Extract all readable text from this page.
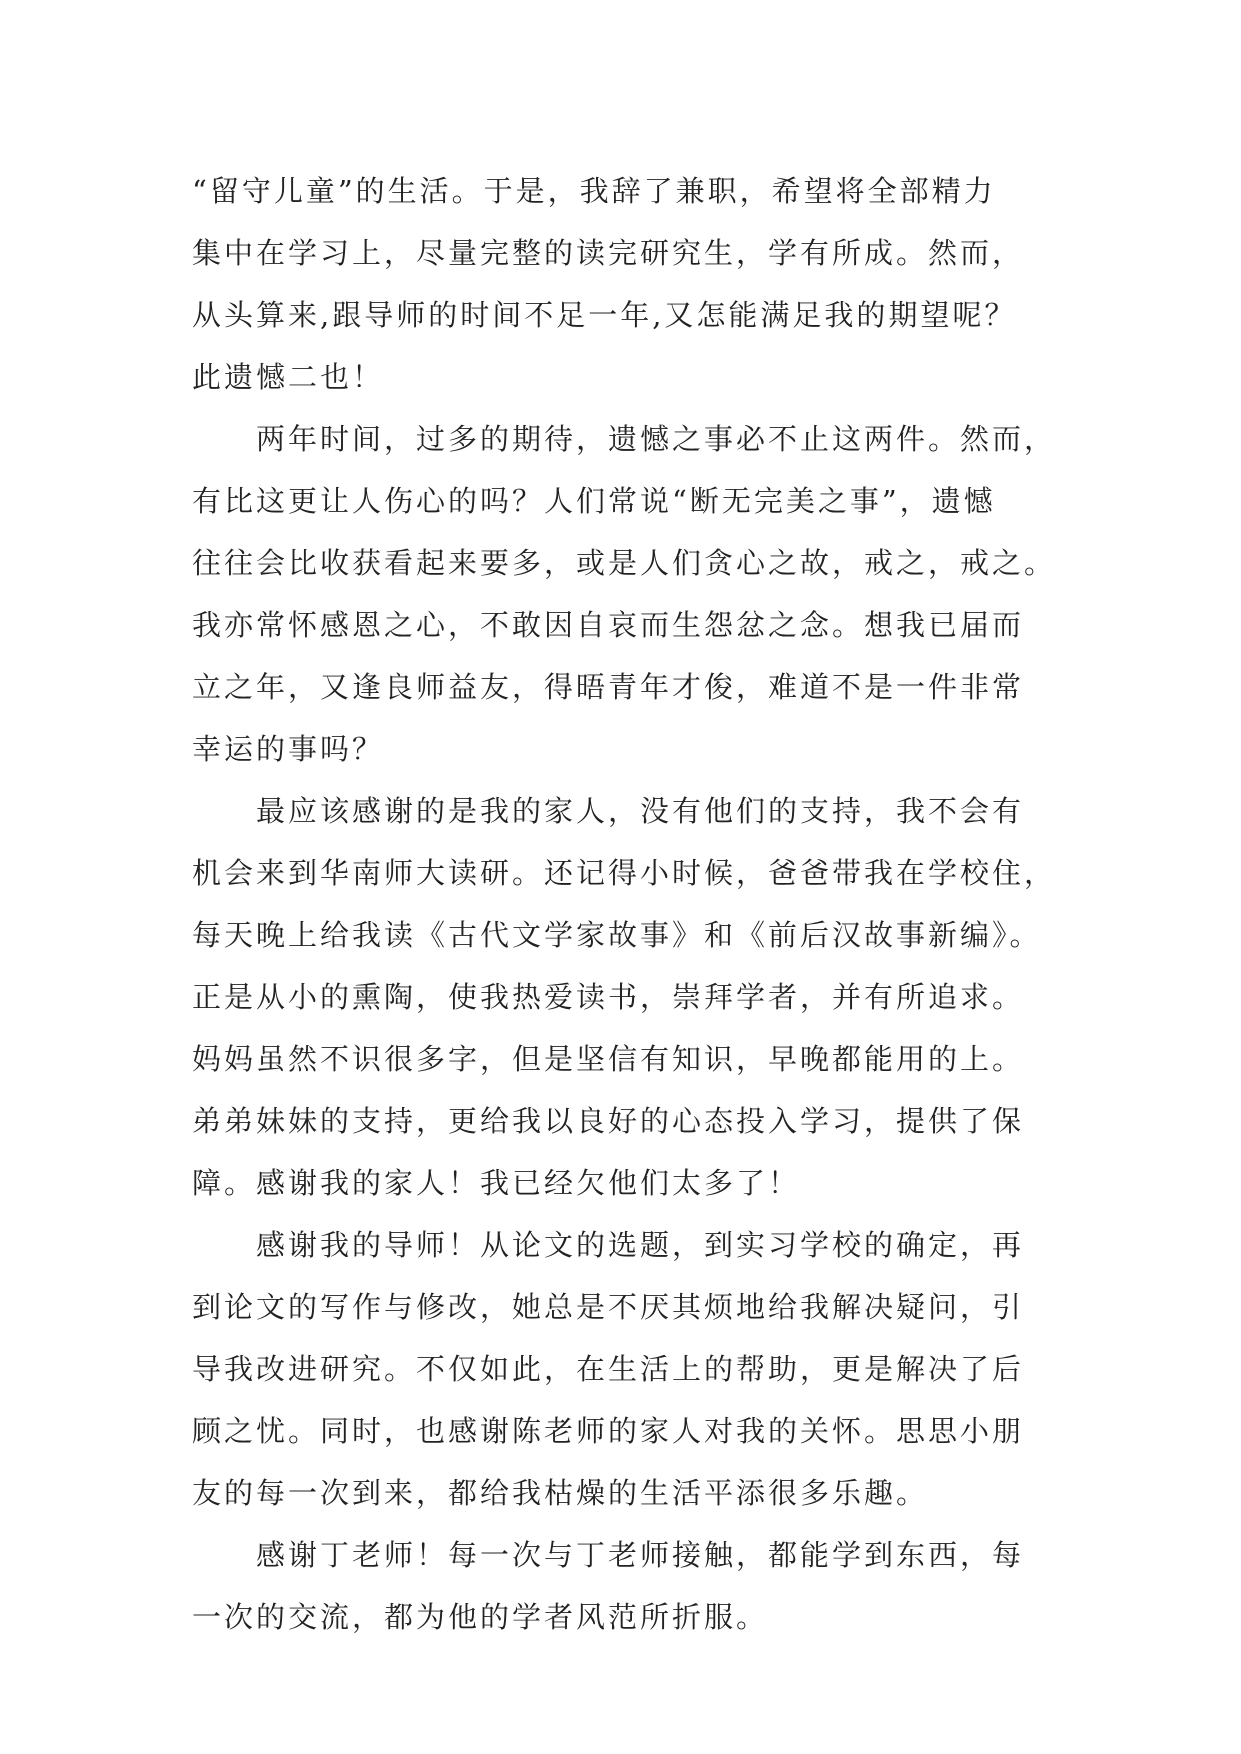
“留守儿童”的生活。于是，我辞了兼职，希望将全部精力
集中在学习上，尽量完整的读完研究生，学有所成。然而，
从头算来,跟导师的时间不足一年,又怎能满足我的期望呢？
此遗憾二也！
　　两年时间，过多的期待，遗憾之事必不止这两件。然而，
有比这更让人伤心的吗？人们常说“断无完美之事”，遗憾
往往会比收获看起来要多，或是人们贪心之故，戒之，戒之。
我亦常怀感恩之心，不敢因自哀而生怨忿之念。想我已届而
立之年，又逢良师益友，得晤青年才俊，难道不是一件非常
幸运的事吗？
　　最应该感谢的是我的家人，没有他们的支持，我不会有
机会来到华南师大读研。还记得小时候，爸爸带我在学校住，
每天晚上给我读《古代文学家故事》和《前后汉故事新编》。
正是从小的熏陶，使我热爱读书，崇拜学者，并有所追求。
妈妈虽然不识很多字，但是坚信有知识，早晚都能用的上。
弟弟妹妹的支持，更给我以良好的心态投入学习，提供了保
障。感谢我的家人！我已经欠他们太多了！
　　感谢我的导师！从论文的选题，到实习学校的确定，再
到论文的写作与修改，她总是不厌其烦地给我解决疑问，引
导我改进研究。不仅如此，在生活上的帮助，更是解决了后
顾之忧。同时，也感谢陈老师的家人对我的关怀。思思小朋
友的每一次到来，都给我枯燥的生活平添很多乐趣。
　　感谢丁老师！每一次与丁老师接触，都能学到东西，每
一次的交流，都为他的学者风范所折服。
